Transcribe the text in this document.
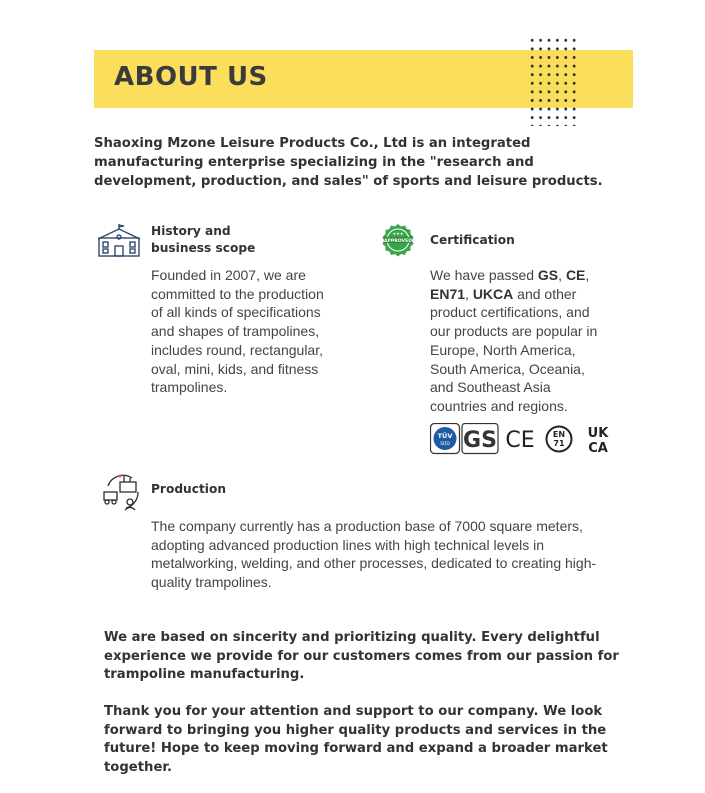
ABOUT US
Shaoxing Mzone Leisure Products Co., Ltd is an integrated manufacturing enterprise specializing in the "research and development, production, and sales" of sports and leisure products.
History and
business scope
Founded in 2007, we are committed to the production of all kinds of specifications and shapes of trampolines, includes round, rectangular, oval, mini, kids, and fitness trampolines.
APPROVED
★★★ Certification
We have passed GS, CE, EN71, UKCA and other product certifications, and our products are popular in Europe, North America, South America, Oceania, and Southeast Asia countries and regions.
TÜV
SÜD GS CE EN
71
UK
CA
Production
The company currently has a production base of 7000 square meters, adopting advanced production lines with high technical levels in metalworking, welding, and other processes, dedicated to creating high-quality trampolines.
We are based on sincerity and prioritizing quality. Every delightful experience we provide for our customers comes from our passion for trampoline manufacturing.
Thank you for your attention and support to our company. We look forward to bringing you higher quality products and services in the future! Hope to keep moving forward and expand a broader market together.
